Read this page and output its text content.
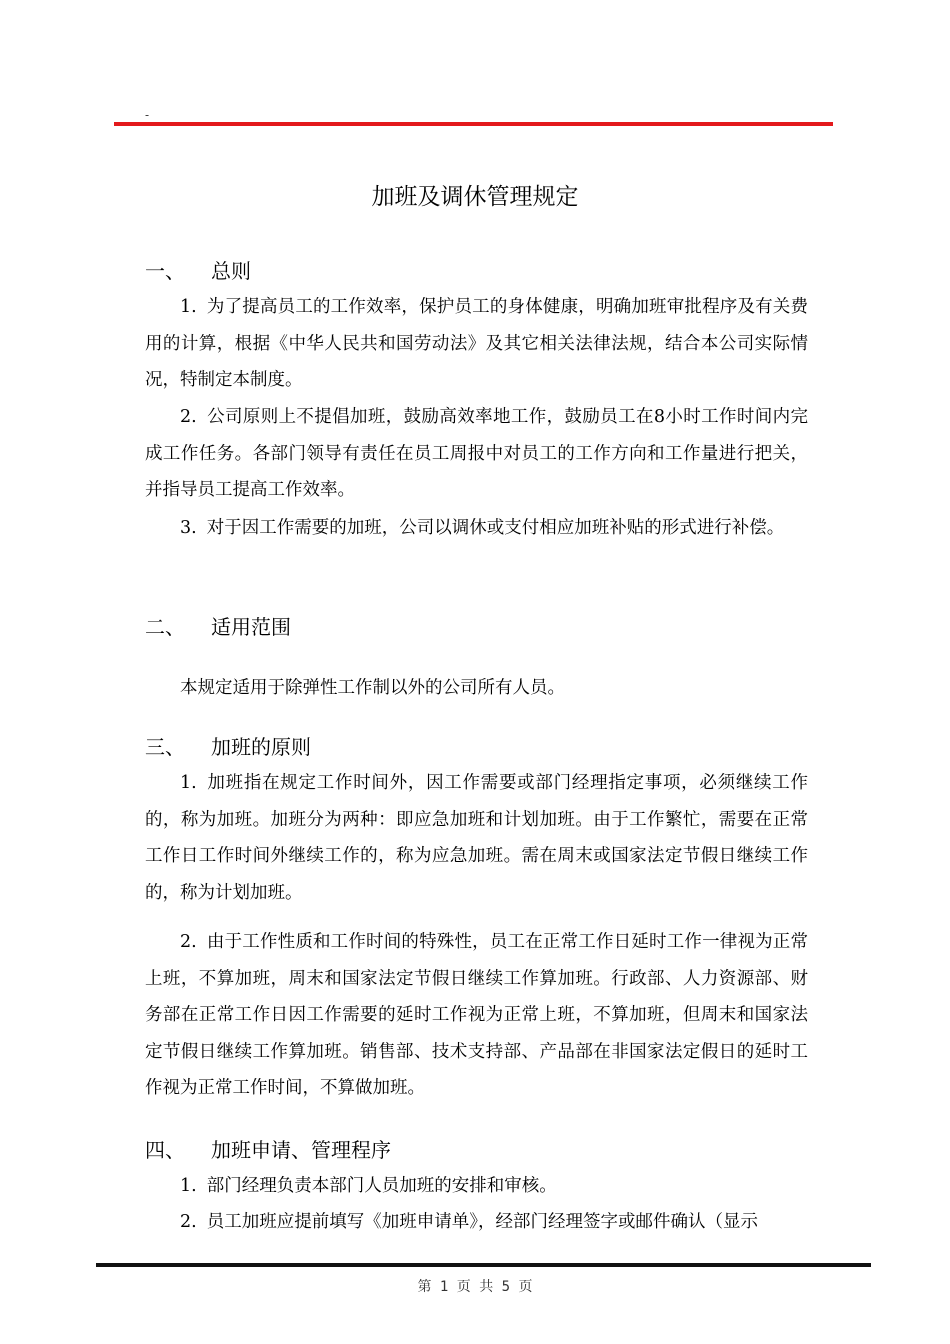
-
加班及调休管理规定
一、 总则

1. 为了提高员工的工作效率，保护员工的身体健康，明确加班审批程序及有关费用的计算，根据《中华人民共和国劳动法》及其它相关法律法规，结合本公司实际情况，特制定本制度。

2. 公司原则上不提倡加班，鼓励高效率地工作，鼓励员工在8小时工作时间内完成工作任务。各部门领导有责任在员工周报中对员工的工作方向和工作量进行把关，并指导员工提高工作效率。

3. 对于因工作需要的加班，公司以调休或支付相应加班补贴的形式进行补偿。

二、 适用范围

本规定适用于除弹性工作制以外的公司所有人员。

三、 加班的原则

1. 加班指在规定工作时间外，因工作需要或部门经理指定事项，必须继续工作的，称为加班。加班分为两种：即应急加班和计划加班。由于工作繁忙，需要在正常工作日工作时间外继续工作的，称为应急加班。需在周末或国家法定节假日继续工作的，称为计划加班。

2. 由于工作性质和工作时间的特殊性，员工在正常工作日延时工作一律视为正常上班，不算加班，周末和国家法定节假日继续工作算加班。行政部、人力资源部、财务部在正常工作日因工作需要的延时工作视为正常上班，不算加班，但周末和国家法定节假日继续工作算加班。销售部、技术支持部、产品部在非国家法定假日的延时工作视为正常工作时间，不算做加班。

四、 加班申请、管理程序

1. 部门经理负责本部门人员加班的安排和审核。

2. 员工加班应提前填写《加班申请单》，经部门经理签字或邮件确认（显示

第 1 页 共 5 页
